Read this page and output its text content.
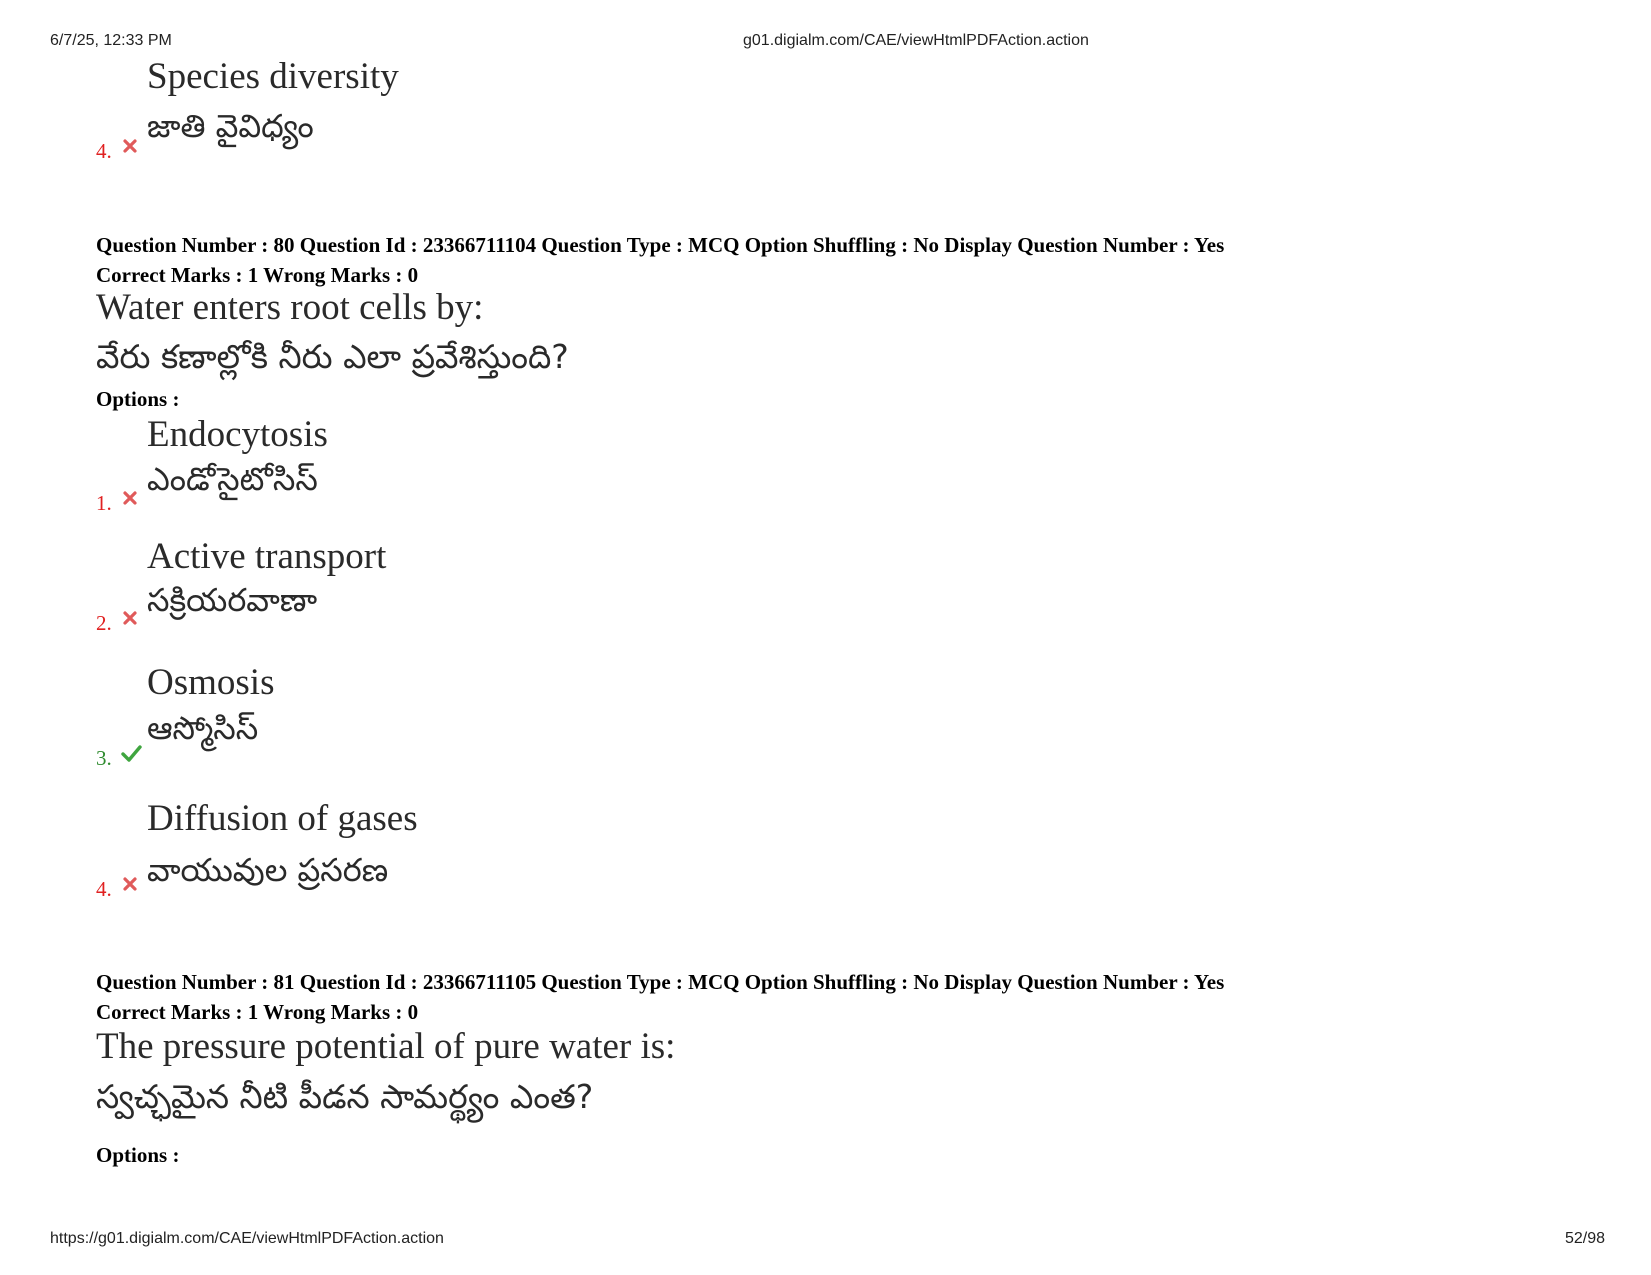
6/7/25, 12:33 PM	g01.digialm.com/CAE/viewHtmlPDFAction.action
Species diversity
జాతి వైవిధ్యం
4.
Question Number : 80 Question Id : 23366711104 Question Type : MCQ Option Shuffling : No Display Question Number : Yes
Correct Marks : 1 Wrong Marks : 0
Water enters root cells by:
వేరు కణాల్లోకి నీరు ఎలా ప్రవేశిస్తుంది?
Options :
Endocytosis
ఎండోసైటోసిస్
1.
Active transport
సక్రియరవాణా
2.
Osmosis
ఆస్మోసిస్
3.
Diffusion of gases
వాయువుల ప్రసరణ
4.
Question Number : 81 Question Id : 23366711105 Question Type : MCQ Option Shuffling : No Display Question Number : Yes
Correct Marks : 1 Wrong Marks : 0
The pressure potential of pure water is:
స్వచ్ఛమైన నీటి పీడన సామర్థ్యం ఎంత?
Options :
https://g01.digialm.com/CAE/viewHtmlPDFAction.action	52/98
